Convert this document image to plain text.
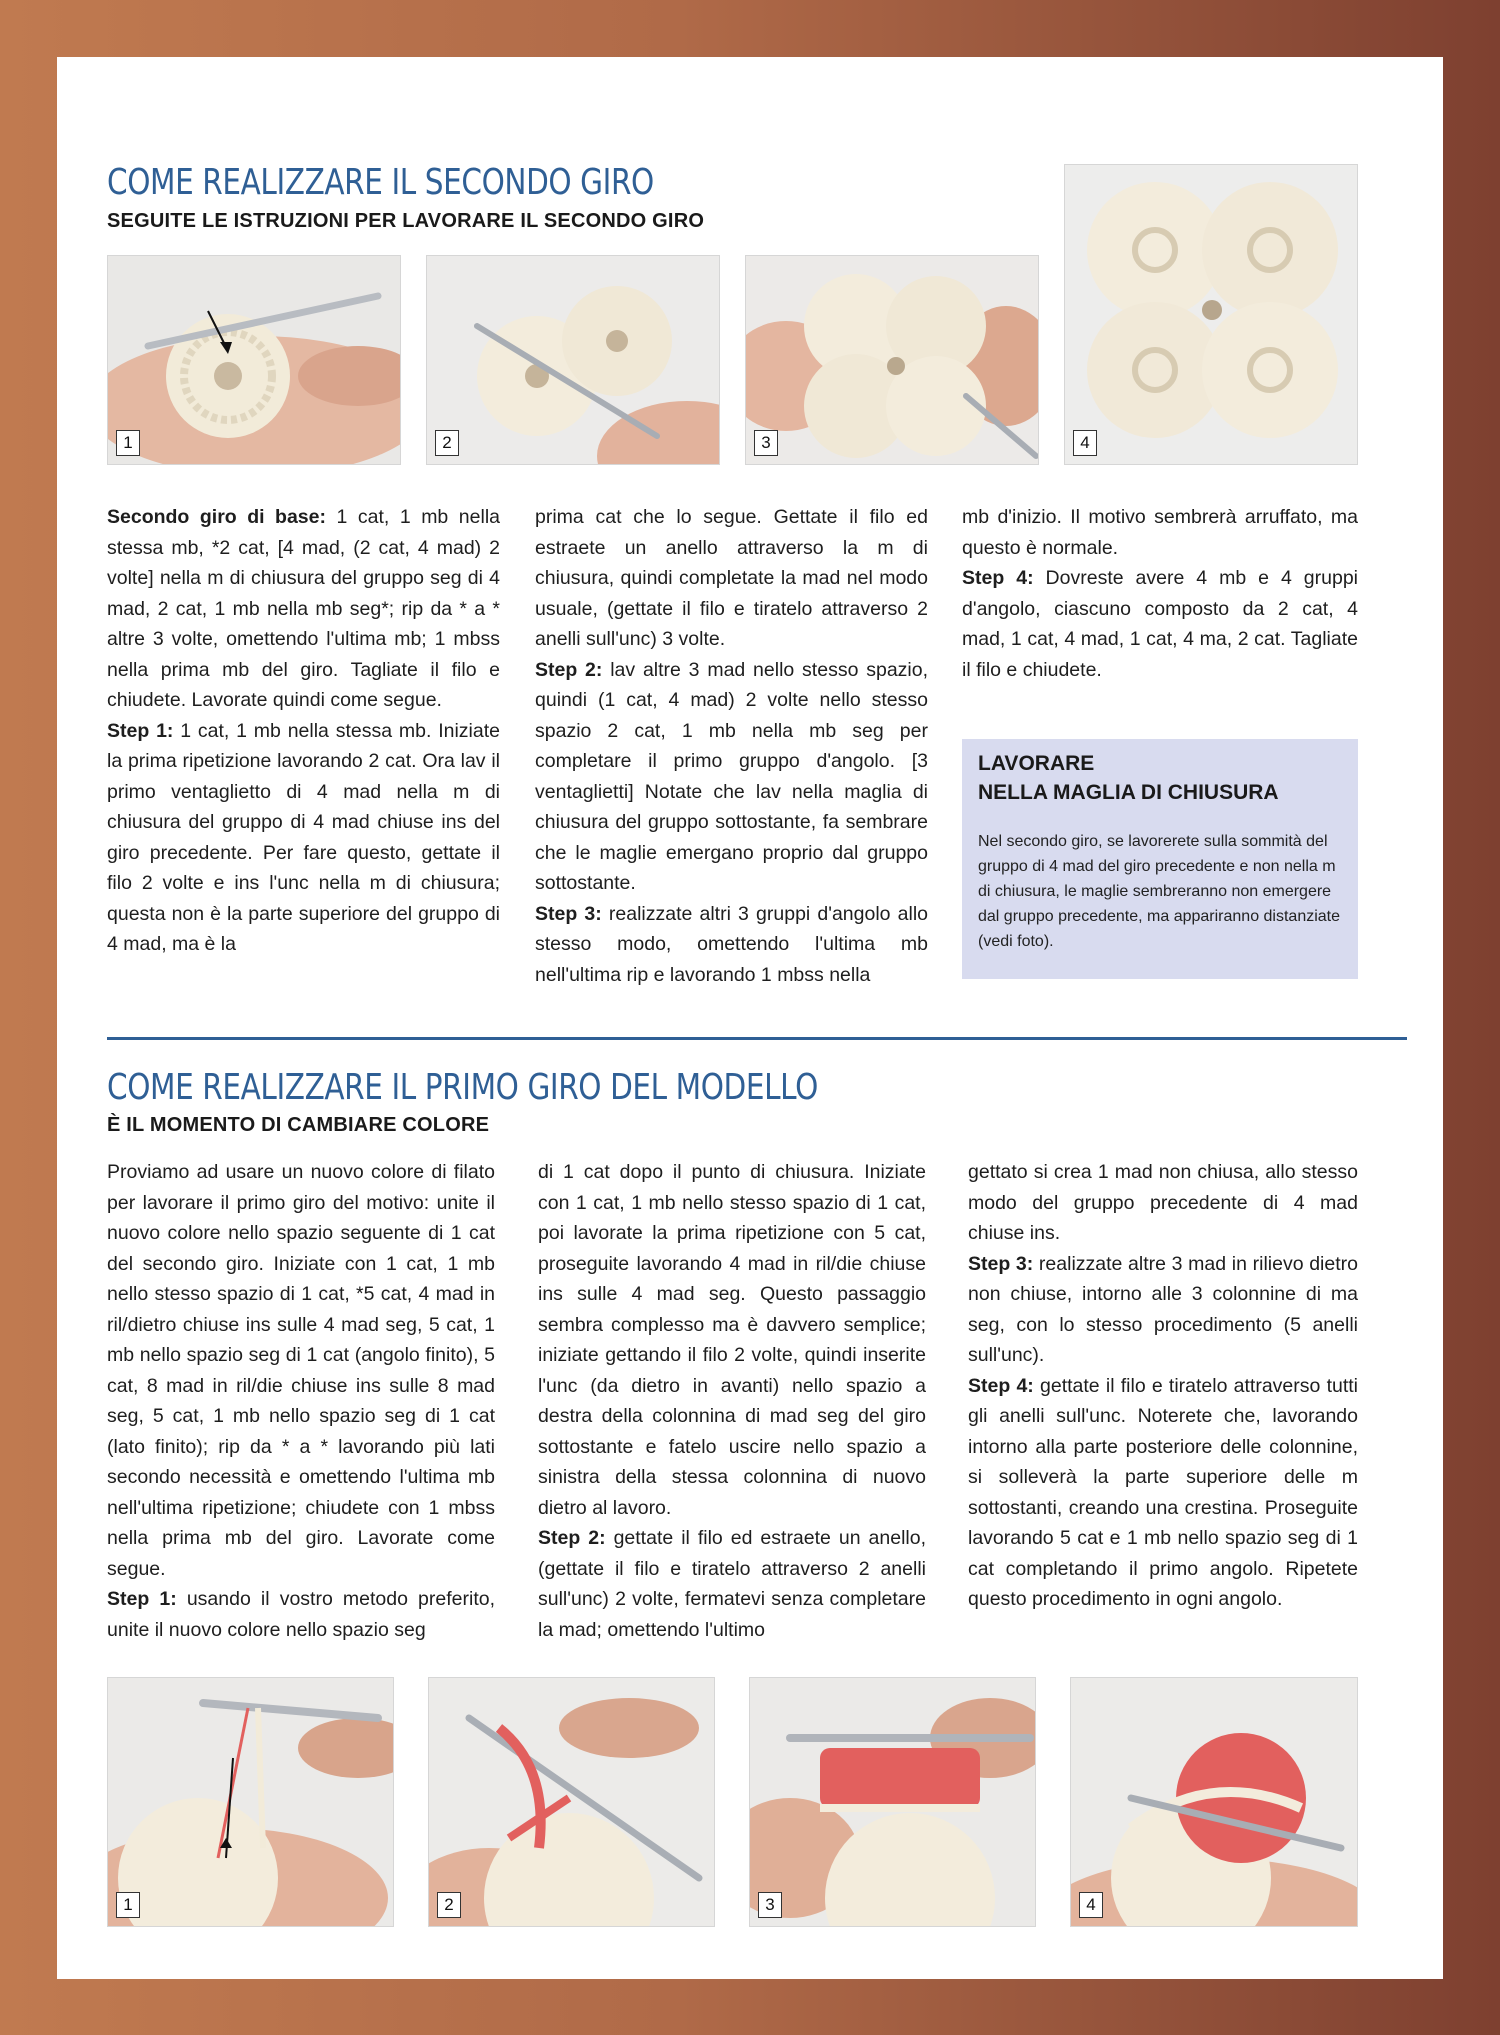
COME REALIZZARE IL SECONDO GIRO
SEGUITE LE ISTRUZIONI PER LAVORARE IL SECONDO GIRO
1	2	3	4

Secondo giro di base: 1 cat, 1 mb nella stessa mb, *2 cat, [4 mad, (2 cat, 4 mad) 2 volte] nella m di chiusura del gruppo seg di 4 mad, 2 cat, 1 mb nella mb seg*; rip da * a * altre 3 volte, omettendo l'ultima mb; 1 mbss nella prima mb del giro. Tagliate il filo e chiudete. Lavorate quindi come segue.

Step 1: 1 cat, 1 mb nella stessa mb. Iniziate la prima ripetizione lavorando 2 cat. Ora lav il primo ventaglietto di 4 mad nella m di chiusura del gruppo di 4 mad chiuse ins del giro precedente. Per fare questo, gettate il filo 2 volte e ins l'unc nella m di chiusura; questa non è la parte superiore del gruppo di 4 mad, ma è la

prima cat che lo segue. Gettate il filo ed estraete un anello attraverso la m di chiusura, quindi completate la mad nel modo usuale, (gettate il filo e tiratelo attraverso 2 anelli sull'unc) 3 volte.

Step 2: lav altre 3 mad nello stesso spazio, quindi (1 cat, 4 mad) 2 volte nello stesso spazio 2 cat, 1 mb nella mb seg per completare il primo gruppo d'angolo. [3 ventaglietti] Notate che lav nella maglia di chiusura del gruppo sottostante, fa sembrare che le maglie emergano proprio dal gruppo sottostante.

Step 3: realizzate altri 3 gruppi d'angolo allo stesso modo, omettendo l'ultima mb nell'ultima rip e lavorando 1 mbss nella

mb d'inizio. Il motivo sembrerà arruffato, ma questo è normale.

Step 4: Dovreste avere 4 mb e 4 gruppi d'angolo, ciascuno composto da 2 cat, 4 mad, 1 cat, 4 mad, 1 cat, 4 ma, 2 cat. Tagliate il filo e chiudete.

LAVORARE
NELLA MAGLIA DI CHIUSURA
Nel secondo giro, se lavorerete sulla sommità del gruppo di 4 mad del giro precedente e non nella m di chiusura, le maglie sembreranno non emergere dal gruppo precedente, ma appariranno distanziate (vedi foto).
COME REALIZZARE IL PRIMO GIRO DEL MODELLO
È IL MOMENTO DI CAMBIARE COLORE

Proviamo ad usare un nuovo colore di filato per lavorare il primo giro del motivo: unite il nuovo colore nello spazio seguente di 1 cat del secondo giro. Iniziate con 1 cat, 1 mb nello stesso spazio di 1 cat, *5 cat, 4 mad in ril/dietro chiuse ins sulle 4 mad seg, 5 cat, 1 mb nello spazio seg di 1 cat (angolo finito), 5 cat, 8 mad in ril/die chiuse ins sulle 8 mad seg, 5 cat, 1 mb nello spazio seg di 1 cat (lato finito); rip da * a * lavorando più lati secondo necessità e omettendo l'ultima mb nell'ultima ripetizione; chiudete con 1 mbss nella prima mb del giro. Lavorate come segue.

Step 1: usando il vostro metodo preferito, unite il nuovo colore nello spazio seg

di 1 cat dopo il punto di chiusura. Iniziate con 1 cat, 1 mb nello stesso spazio di 1 cat, poi lavorate la prima ripetizione con 5 cat, proseguite lavorando 4 mad in ril/die chiuse ins sulle 4 mad seg. Questo passaggio sembra complesso ma è davvero semplice; iniziate gettando il filo 2 volte, quindi inserite l'unc (da dietro in avanti) nello spazio a destra della colonnina di mad seg del giro sottostante e fatelo uscire nello spazio a sinistra della stessa colonnina di nuovo dietro al lavoro.

Step 2: gettate il filo ed estraete un anello, (gettate il filo e tiratelo attraverso 2 anelli sull'unc) 2 volte, fermatevi senza completare la mad; omettendo l'ultimo

gettato si crea 1 mad non chiusa, allo stesso modo del gruppo precedente di 4 mad chiuse ins.

Step 3: realizzate altre 3 mad in rilievo dietro non chiuse, intorno alle 3 colonnine di ma seg, con lo stesso procedimento (5 anelli sull'unc).

Step 4: gettate il filo e tiratelo attraverso tutti gli anelli sull'unc. Noterete che, lavorando intorno alla parte posteriore delle colonnine, si solleverà la parte superiore delle m sottostanti, creando una crestina. Proseguite lavorando 5 cat e 1 mb nello spazio seg di 1 cat completando il primo angolo. Ripetete questo procedimento in ogni angolo.

1	2	3	4
